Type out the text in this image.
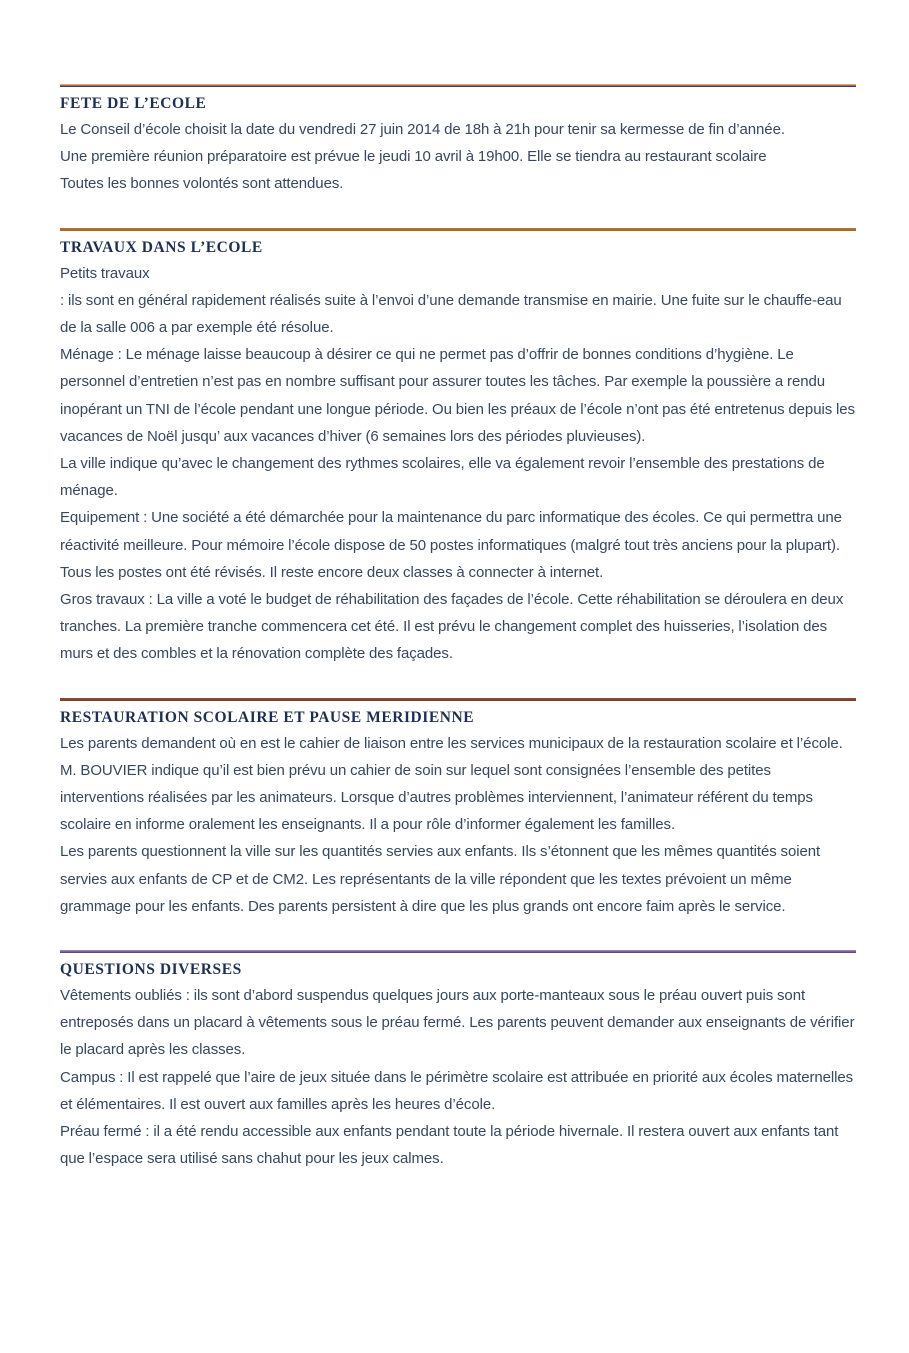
FETE DE L’ECOLE

Le Conseil d’école choisit la date du vendredi 27 juin 2014 de 18h à 21h pour tenir sa kermesse de fin d’année.

Une première réunion préparatoire est prévue le jeudi 10 avril à 19h00. Elle se tiendra au restaurant scolaire

Toutes les bonnes volontés sont attendues.

TRAVAUX DANS L’ECOLE

Petits travaux

: ils sont en général rapidement réalisés suite à l’envoi d’une demande transmise en mairie. Une fuite sur le chauffe-eau de la salle 006 a par exemple été résolue.

Ménage : Le ménage laisse beaucoup à désirer ce qui ne permet pas d’offrir de bonnes conditions d’hygiène. Le personnel d’entretien n’est pas en nombre suffisant pour assurer toutes les tâches. Par exemple la poussière a rendu inopérant un TNI de l’école pendant une longue période. Ou bien les préaux de l’école n’ont pas été entretenus depuis les vacances de Noël jusqu’ aux vacances d’hiver (6 semaines lors des périodes pluvieuses).

La ville indique qu’avec le changement des rythmes scolaires, elle va également revoir l’ensemble des prestations de ménage.

Equipement : Une société a été démarchée pour la maintenance du parc informatique des écoles. Ce qui permettra une réactivité meilleure. Pour mémoire l’école dispose de 50 postes informatiques (malgré tout très anciens pour la plupart). Tous les postes ont été révisés. Il reste encore deux classes à connecter à internet.

Gros travaux : La ville a voté le budget de réhabilitation des façades de l’école. Cette réhabilitation se déroulera en deux tranches. La première tranche commencera cet été. Il est prévu le changement complet des huisseries, l’isolation des murs et des combles et la rénovation complète des façades.

RESTAURATION SCOLAIRE ET PAUSE MERIDIENNE

Les parents demandent où en est le cahier de liaison entre les services municipaux de la restauration scolaire et l’école. M. BOUVIER indique qu’il est bien prévu un cahier de soin sur lequel sont consignées l’ensemble des petites interventions réalisées par les animateurs. Lorsque d’autres problèmes interviennent, l’animateur référent du temps scolaire en informe oralement les enseignants. Il a pour rôle d’informer également les familles.

Les parents questionnent la ville sur les quantités servies aux enfants. Ils s’étonnent que les mêmes quantités soient servies aux enfants de CP et de CM2. Les représentants de la ville répondent que les textes prévoient un même grammage pour les enfants. Des parents persistent à dire que les plus grands ont encore faim après le service.

QUESTIONS DIVERSES

Vêtements oubliés : ils sont d’abord suspendus quelques jours aux porte-manteaux sous le préau ouvert puis sont entreposés dans un placard à vêtements sous le préau fermé. Les parents peuvent demander aux enseignants de vérifier le placard après les classes.

Campus : Il est rappelé que l’aire de jeux située dans le périmètre scolaire est attribuée en priorité aux écoles maternelles et élémentaires. Il est ouvert aux familles après les heures d’école.

Préau fermé : il a été rendu accessible aux enfants pendant toute la période hivernale. Il restera ouvert aux enfants tant que l’espace sera utilisé sans chahut pour les jeux calmes.
